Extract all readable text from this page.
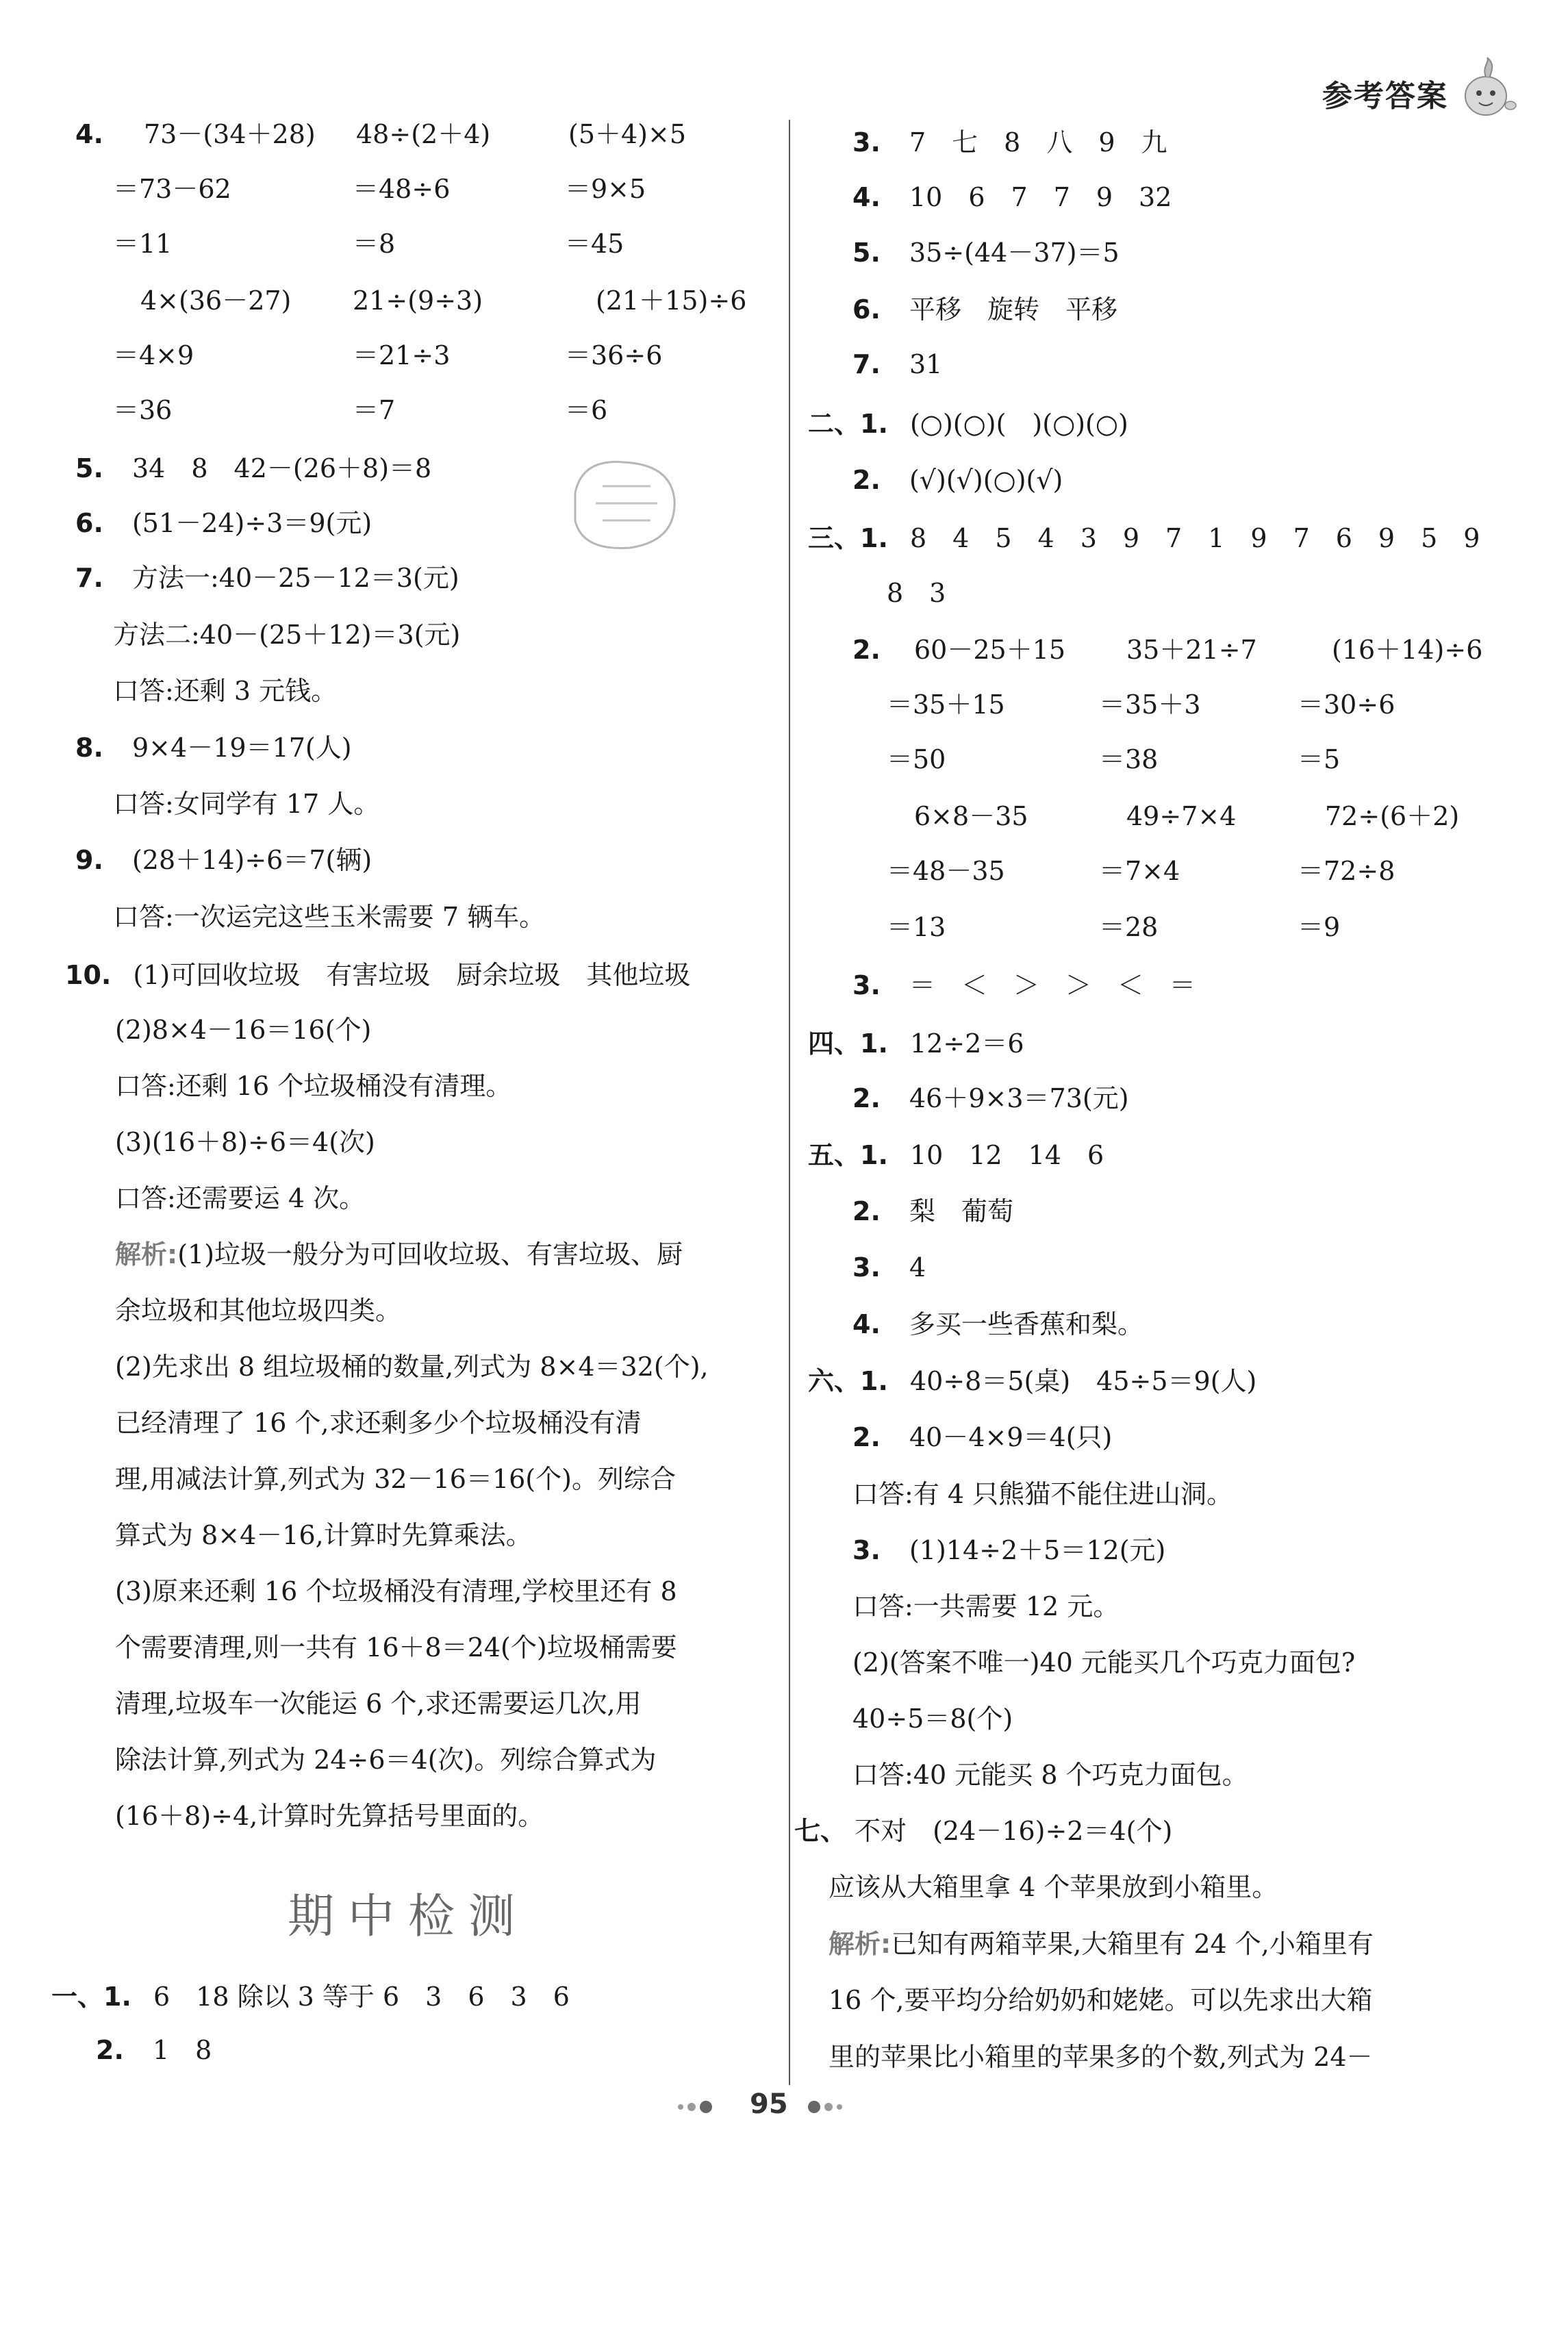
参考答案
4. 73－(34＋28) 48÷(2＋4)	(5＋4)×5
＝73－62	＝48÷6	＝9×5
＝11	＝8	＝45
4×(36－27) 21÷(9÷3)	(21＋15)÷6
＝4×9	＝21÷3	＝36÷6
＝36	＝7	＝6
5. 34　8　42－(26＋8)＝8
6. (51－24)÷3＝9(元)
7. 方法一:40－25－12＝3(元)
方法二:40－(25＋12)＝3(元)
口答:还剩 3 元钱。
8. 9×4－19＝17(人)
口答:女同学有 17 人。
9. (28＋14)÷6＝7(辆)
口答:一次运完这些玉米需要 7 辆车。
10. (1)可回收垃圾　有害垃圾　厨余垃圾　其他垃圾
(2)8×4－16＝16(个)
口答:还剩 16 个垃圾桶没有清理。
(3)(16＋8)÷6＝4(次)
口答:还需要运 4 次。
解析:(1)垃圾一般分为可回收垃圾、有害垃圾、厨
余垃圾和其他垃圾四类。
(2)先求出 8 组垃圾桶的数量,列式为 8×4＝32(个),
已经清理了 16 个,求还剩多少个垃圾桶没有清
理,用减法计算,列式为 32－16＝16(个)。列综合
算式为 8×4－16,计算时先算乘法。
(3)原来还剩 16 个垃圾桶没有清理,学校里还有 8
个需要清理,则一共有 16＋8＝24(个)垃圾桶需要
清理,垃圾车一次能运 6 个,求还需要运几次,用
除法计算,列式为 24÷6＝4(次)。列综合算式为
(16＋8)÷4,计算时先算括号里面的。
期中检测
一、1. 6　18 除以 3 等于 6　3　6　3　6
2. 1　8
3. 7　七　8　八　9　九
4. 10　6　7　7　9　32
5. 35÷(44－37)＝5
6. 平移　旋转　平移
7. 31
二、1. (○)(○)(　)(○)(○)
2. (√)(√)(○)(√)
三、1. 8　4　5　4　3　9　7　1　9　7　6　9　5　9
8　3
2. 60－25＋15 35＋21÷7	(16＋14)÷6
＝35＋15	＝35＋3	＝30÷6
＝50	＝38	＝5
6×8－35	49÷7×4	72÷(6＋2)
＝48－35	＝7×4	＝72÷8
＝13	＝28	＝9
3. ＝　＜　＞　＞　＜　＝
四、1. 12÷2＝6
2. 46＋9×3＝73(元)
五、1. 10　12　14　6
2. 梨　葡萄
3. 4
4. 多买一些香蕉和梨。
六、1. 40÷8＝5(桌)　45÷5＝9(人)
2. 40－4×9＝4(只)
口答:有 4 只熊猫不能住进山洞。
3. (1)14÷2＋5＝12(元)
口答:一共需要 12 元。
(2)(答案不唯一)40 元能买几个巧克力面包?
40÷5＝8(个)
口答:40 元能买 8 个巧克力面包。
七、 不对　(24－16)÷2＝4(个)
应该从大箱里拿 4 个苹果放到小箱里。
解析:已知有两箱苹果,大箱里有 24 个,小箱里有
16 个,要平均分给奶奶和姥姥。可以先求出大箱
里的苹果比小箱里的苹果多的个数,列式为 24－
95
